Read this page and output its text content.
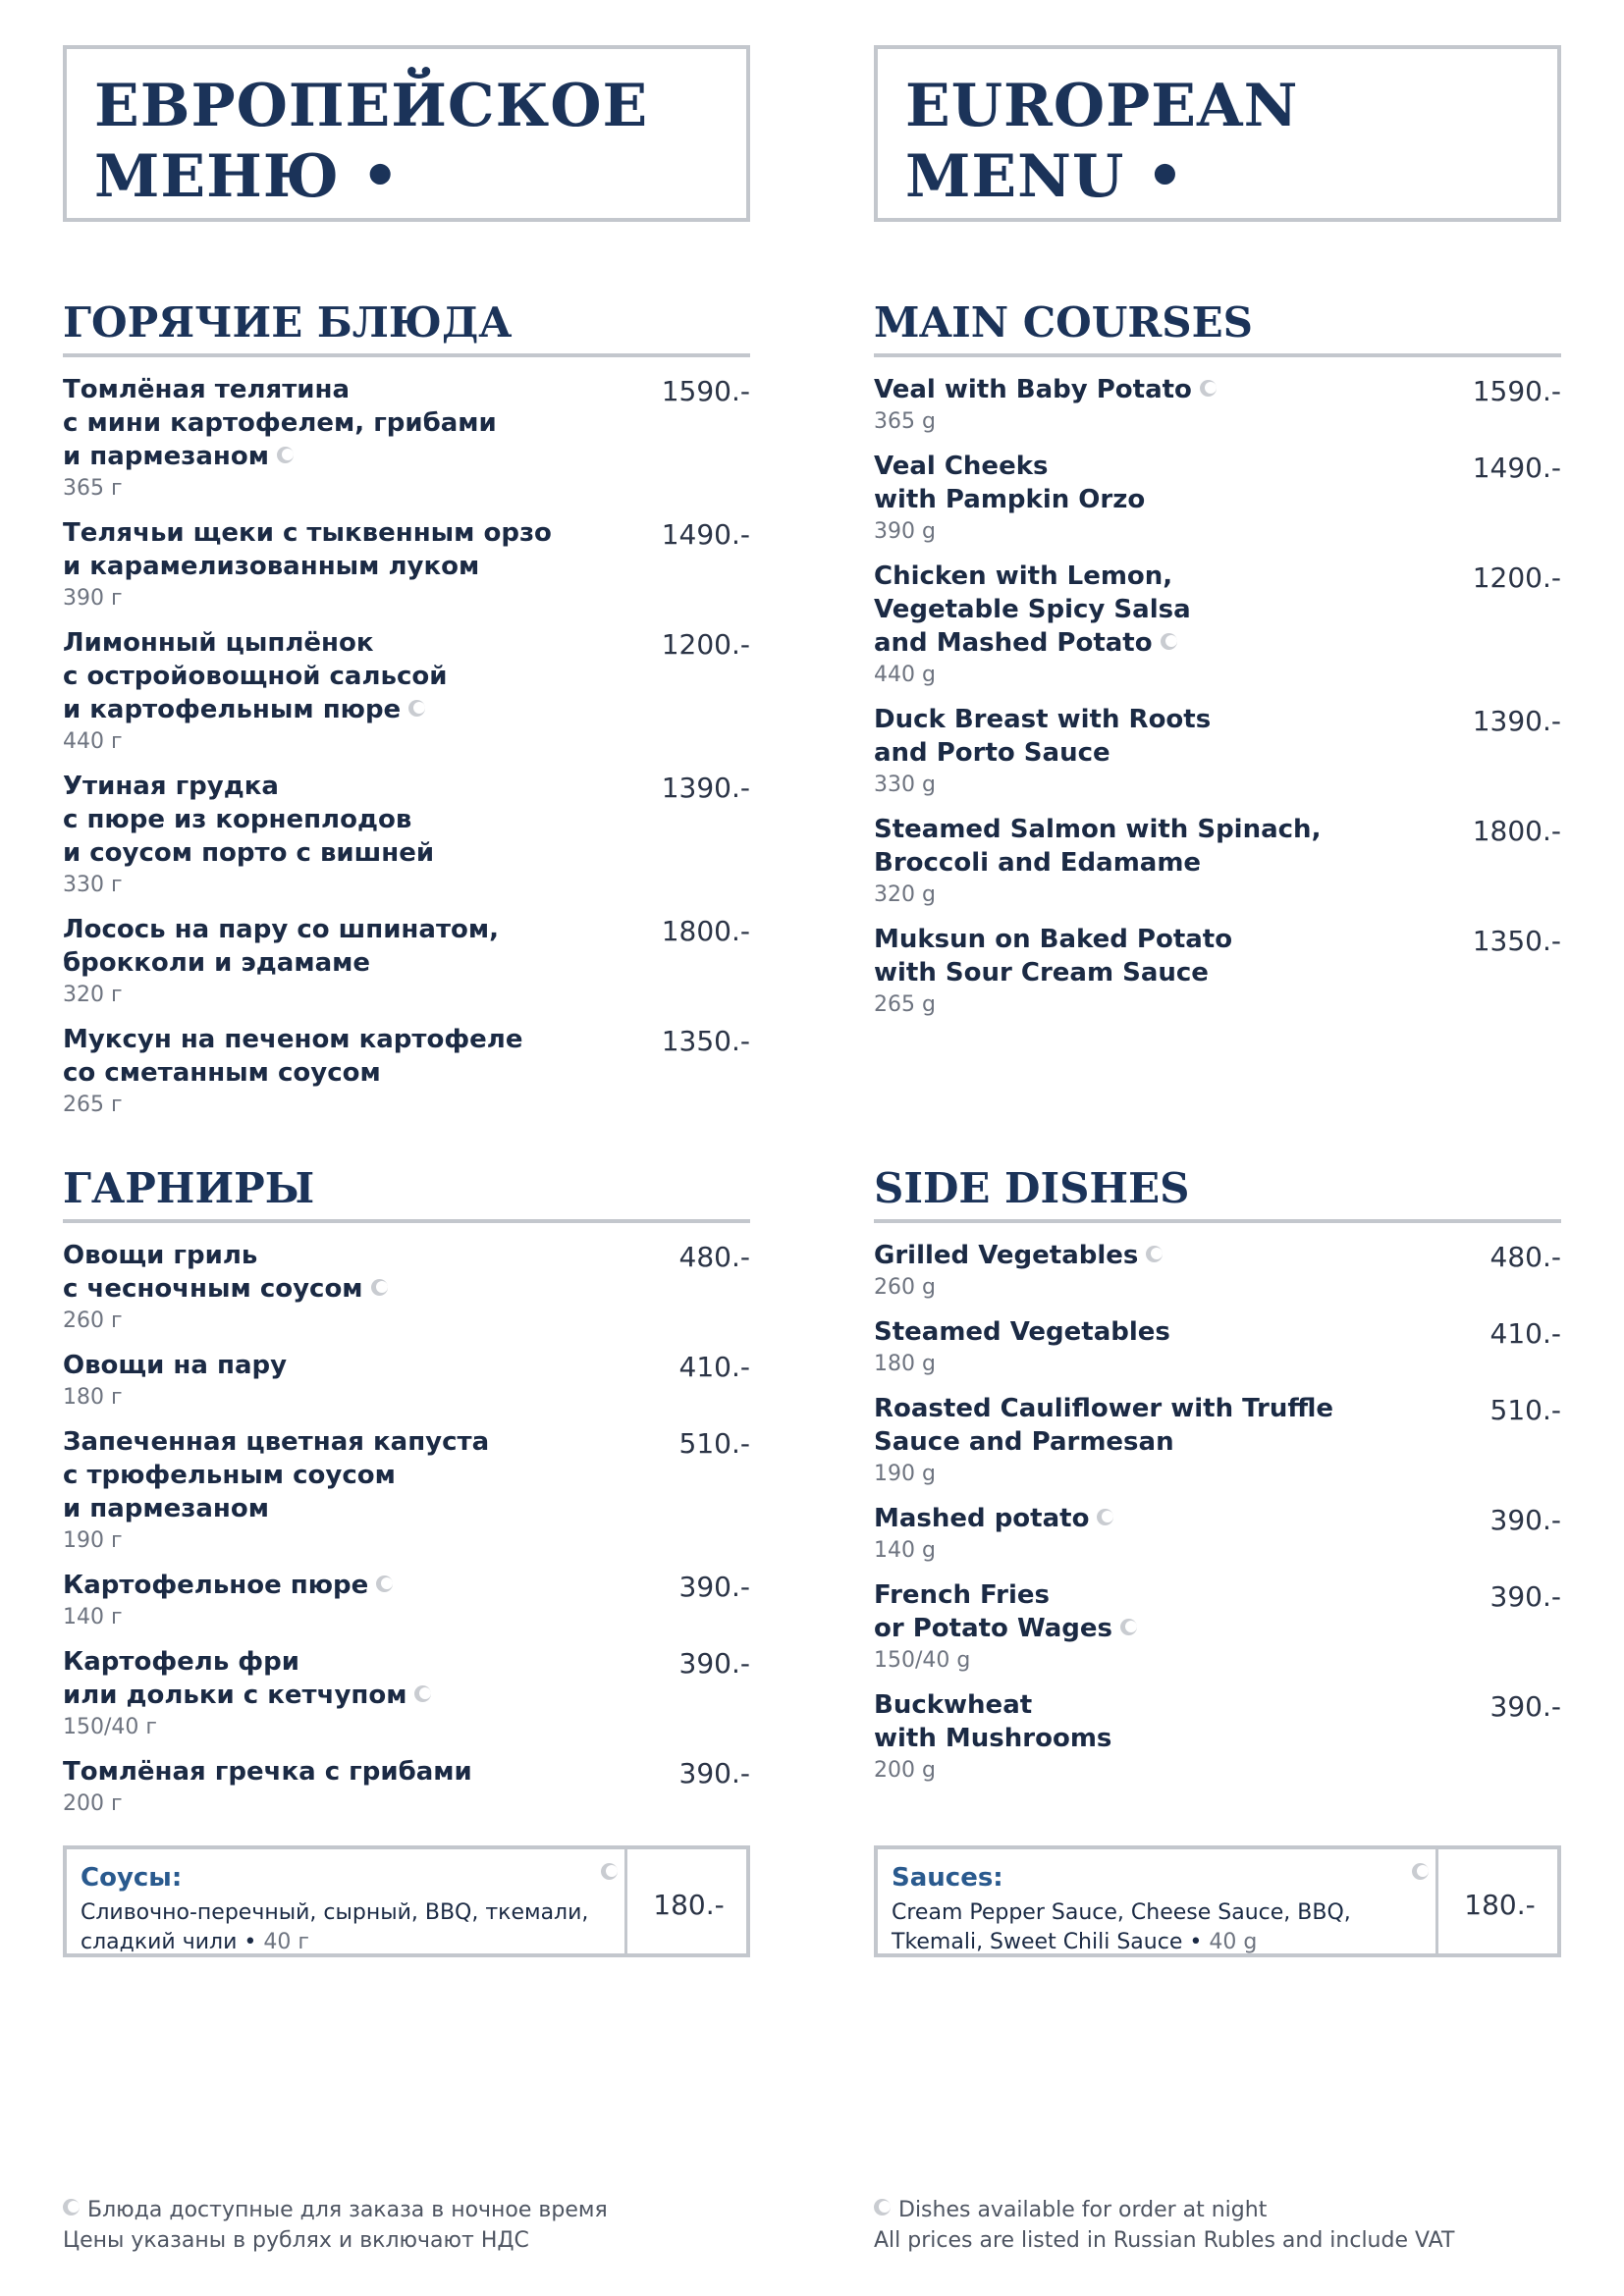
ЕВРОПЕЙСКОЕ
МЕНЮ •
ГОРЯЧИЕ БЛЮДА
Томлёная телятина
с мини картофелем, грибами
и пармезаном
365 г
1590.-
Телячьи щеки с тыквенным орзо
и карамелизованным луком
390 г
1490.-
Лимонный цыплёнок
с остройовощной сальсой
и картофельным пюре
440 г
1200.-
Утиная грудка
с пюре из корнеплодов
и соусом порто с вишней
330 г
1390.-
Лосось на пару со шпинатом,
брокколи и эдамаме
320 г
1800.-
Муксун на печеном картофеле
со сметанным соусом
265 г
1350.-
ГАРНИРЫ
Овощи гриль
с чесночным соусом
260 г
480.-
Овощи на пару
180 г
410.-
Запеченная цветная капуста
с трюфельным соусом
и пармезаном
190 г
510.-
Картофельное пюре
140 г
390.-
Картофель фри
или дольки с кетчупом
150/40 г
390.-
Томлёная гречка с грибами
200 г
390.-
Соусы:
Сливочно-перечный, сырный, BBQ, ткемали, сладкий чили • 40 г
180.-
Блюда доступные для заказа в ночное время
Цены указаны в рублях и включают НДС
EUROPEAN
MENU •
MAIN COURSES
Veal with Baby Potato
365 g
1590.-
Veal Cheeks
with Pampkin Orzo
390 g
1490.-
Chicken with Lemon,
Vegetable Spicy Salsa
and Mashed Potato
440 g
1200.-
Duck Breast with Roots
and Porto Sauce
330 g
1390.-
Steamed Salmon with Spinach,
Broccoli and Edamame
320 g
1800.-
Muksun on Baked Potato
with Sour Cream Sauce
265 g
1350.-
SIDE DISHES
Grilled Vegetables
260 g
480.-
Steamed Vegetables
180 g
410.-
Roasted Cauliflower with Truffle
Sauce and Parmesan
190 g
510.-
Mashed potato
140 g
390.-
French Fries
or Potato Wages
150/40 g
390.-
Buckwheat
with Mushrooms
200 g
390.-
Sauces:
Cream Pepper Sauce, Cheese Sauce, BBQ, Tkemali, Sweet Chili Sauce • 40 g
180.-
Dishes available for order at night
All prices are listed in Russian Rubles and include VAT
